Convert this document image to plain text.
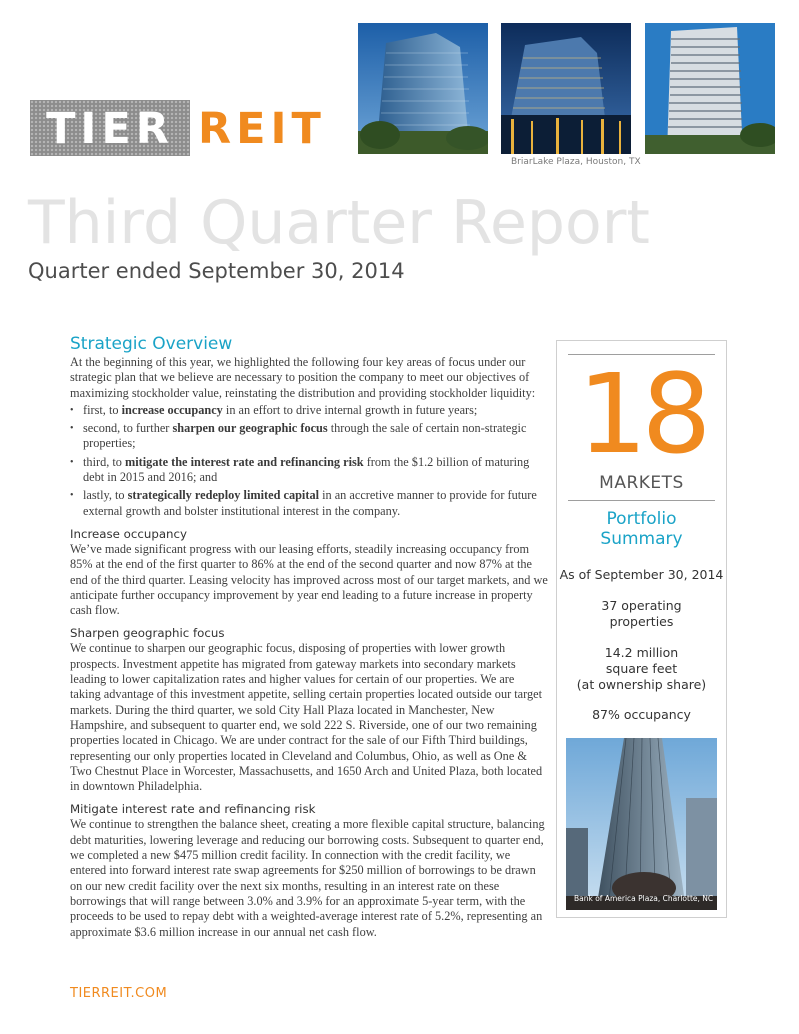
TIER REIT
BriarLake Plaza, Houston, TX
Third Quarter Report
Quarter ended September 30, 2014
Strategic Overview

At the beginning of this year, we highlighted the following four key areas of focus under our strategic plan that we believe are necessary to position the company to meet our objectives of maximizing stockholder value, reinstating the distribution and providing stockholder liquidity:

• first, to increase occupancy in an effort to drive internal growth in future years;
• second, to further sharpen our geographic focus through the sale of certain non-strategic properties;
• third, to mitigate the interest rate and refinancing risk from the $1.2 billion of maturing debt in 2015 and 2016; and
• lastly, to strategically redeploy limited capital in an accretive manner to provide for future external growth and bolster institutional interest in the company.
Increase occupancy

We’ve made significant progress with our leasing efforts, steadily increasing occupancy from 85% at the end of the first quarter to 86% at the end of the second quarter and now 87% at the end of the third quarter. Leasing velocity has improved across most of our target markets, and we anticipate further occupancy improvement by year end leading to a future increase in property cash flow.

Sharpen geographic focus

We continue to sharpen our geographic focus, disposing of properties with lower growth prospects. Investment appetite has migrated from gateway markets into secondary markets leading to lower capitalization rates and higher values for certain of our properties. We are taking advantage of this investment appetite, selling certain properties located outside our target markets. During the third quarter, we sold City Hall Plaza located in Manchester, New Hampshire, and subsequent to quarter end, we sold 222 S. Riverside, one of our two remaining properties located in Chicago. We are under contract for the sale of our Fifth Third buildings, representing our only properties located in Cleveland and Columbus, Ohio, as well as One & Two Chestnut Place in Worcester, Massachusetts, and 1650 Arch and United Plaza, both located in downtown Philadelphia.

Mitigate interest rate and refinancing risk

We continue to strengthen the balance sheet, creating a more flexible capital structure, balancing debt maturities, lowering leverage and reducing our borrowing costs. Subsequent to quarter end, we completed a new $475 million credit facility. In connection with the credit facility, we entered into forward interest rate swap agreements for $250 million of borrowings to be drawn on our new credit facility over the next six months, resulting in an interest rate on these borrowings that will range between 3.0% and 3.9% for an approximate 5-year term, with the proceeds to be used to repay debt with a weighted-average interest rate of 5.2%, representing an approximate $3.6 million increase in our annual net cash flow.

TIERREIT.COM
18
MARKETS
Portfolio
Summary
As of September 30, 2014
37 operating
properties
14.2 million
square feet
(at ownership share)
87% occupancy
Bank of America Plaza, Charlotte, NC
